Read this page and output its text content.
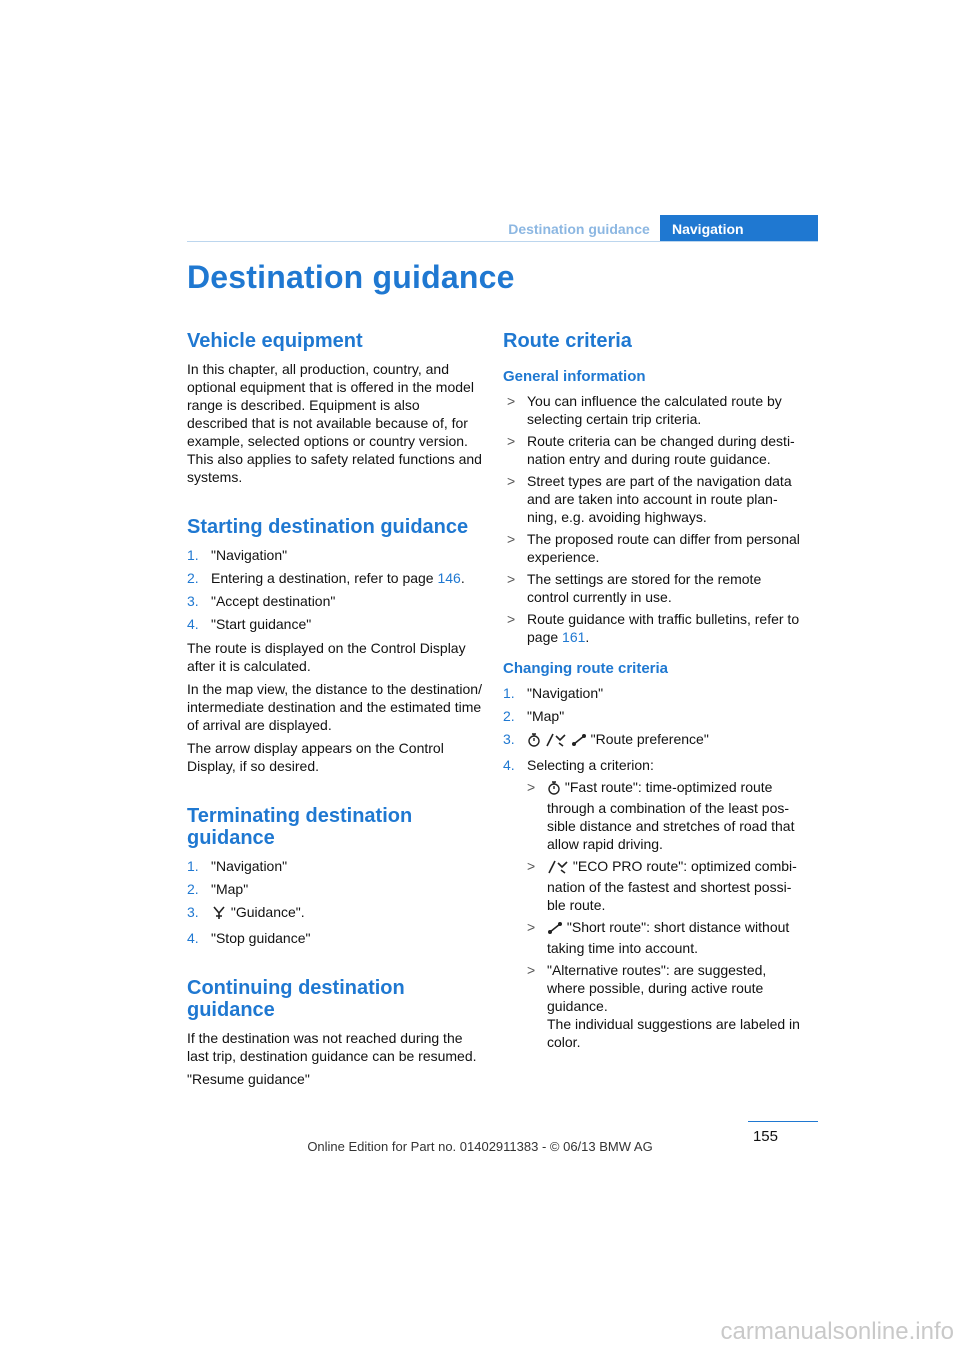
Destination guidance	Navigation
Destination guidance
Vehicle equipment

In this chapter, all production, country, and optional equipment that is offered in the model range is described. Equipment is also described that is not available because of, for example, selected options or country version. This also applies to safety related functions and systems.

Starting destination guidance
1. "Navigation"
2. Entering a destination, refer to page 146.
3. "Accept destination"
4. "Start guidance"

The route is displayed on the Control Display after it is calculated.

In the map view, the distance to the destination/ intermediate destination and the estimated time of arrival are displayed.

The arrow display appears on the Control Display, if so desired.

Terminating destination guidance
1. "Navigation"
2. "Map"
3. "Guidance".
4. "Stop guidance"
Continuing destination guidance

If the destination was not reached during the last trip, destination guidance can be resumed.

"Resume guidance"

Route criteria
General information
> You can influence the calculated route by selecting certain trip criteria.
> Route criteria can be changed during desti- nation entry and during route guidance.
> Street types are part of the navigation data and are taken into account in route plan- ning, e.g. avoiding highways.
> The proposed route can differ from personal experience.
> The settings are stored for the remote control currently in use.
> Route guidance with traffic bulletins, refer to page 161.
Changing route criteria
1. "Navigation"
2. "Map"
3.	"Route preference"
4. Selecting a criterion:
> "Fast route": time-optimized route through a combination of the least pos- sible distance and stretches of road that allow rapid driving.
>	"ECO PRO route": optimized combi- nation of the fastest and shortest possi- ble route.
> "Short route": short distance without taking time into account.
> "Alternative routes": are suggested, where possible, during active route guidance.
The individual suggestions are labeled in color.
155
Online Edition for Part no. 01402911383 - © 06/13 BMW AG
carmanualsonline.info
